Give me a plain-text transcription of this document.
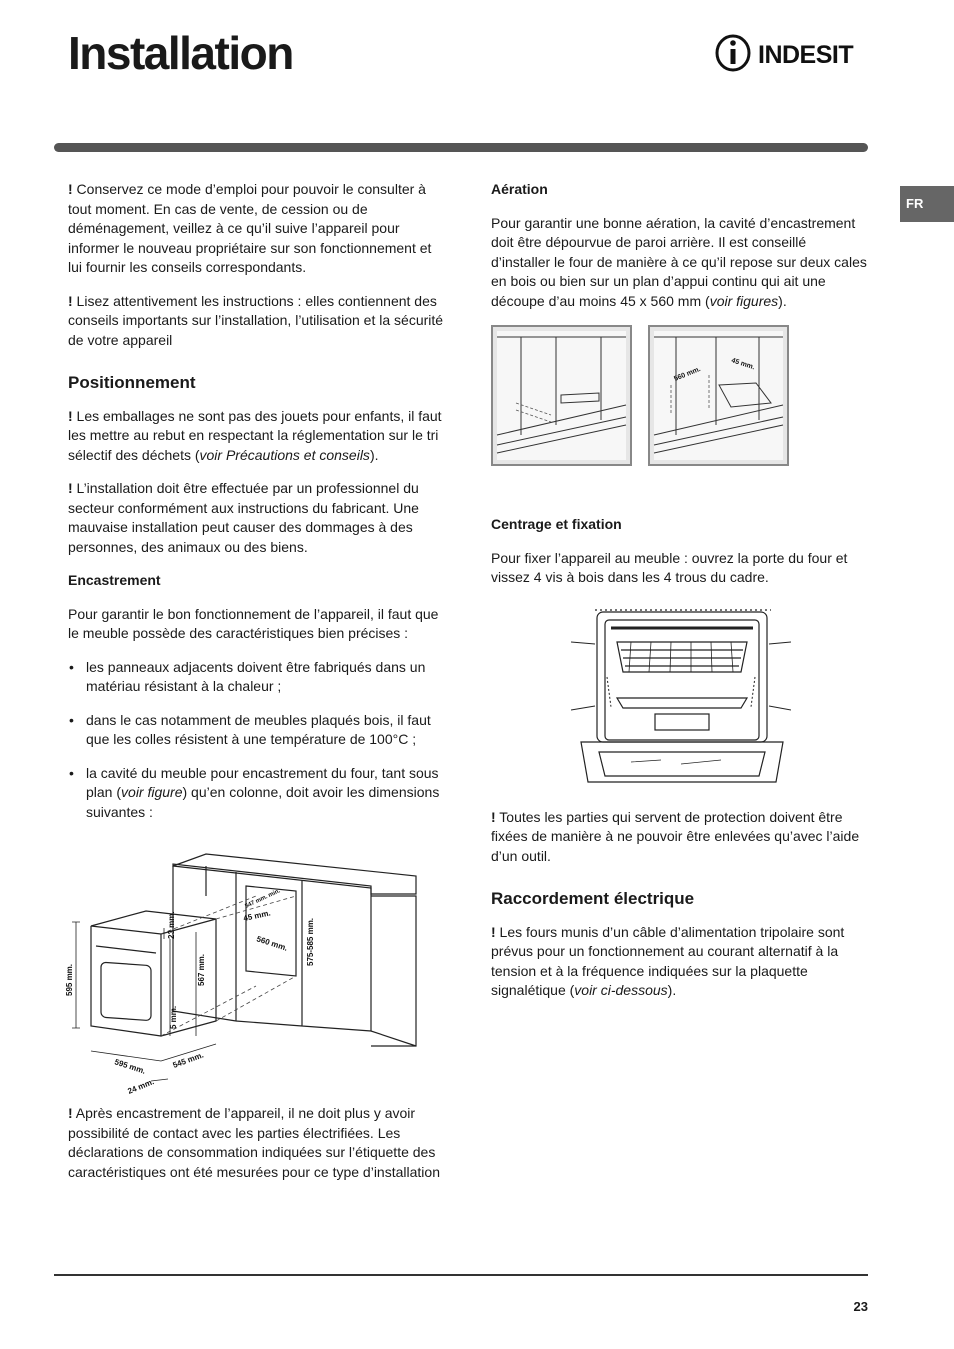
Installation	INDESIT
FR

! Conservez ce mode d’emploi pour pouvoir le consulter à tout moment. En cas de vente, de cession ou de déménagement, veillez à ce qu’il suive l’appareil pour informer le nouveau propriétaire sur son fonctionnement et lui fournir les conseils correspondants.

! Lisez attentivement les instructions : elles contiennent des conseils importants sur l’installation, l’utilisation et la sécurité de votre appareil

Positionnement

! Les emballages ne sont pas des jouets pour enfants, il faut les mettre au rebut en respectant la réglementation sur le tri sélectif des déchets (voir Précautions et conseils).

! L’installation doit être effectuée par un professionnel du secteur conformément aux instructions du fabricant. Une mauvaise installation peut causer des dommages à des personnes, des animaux ou des biens.

Encastrement

Pour garantir le bon fonctionnement de l’appareil, il faut que le meuble possède des caractéristiques bien précises :

• les panneaux adjacents doivent être fabriqués dans un matériau résistant à la chaleur ;
• dans le cas notamment de meubles plaqués bois, il faut que les colles résistent à une température de 100°C ;
• la cavité du meuble pour encastrement du four, tant sous plan (voir figure) qu’en colonne, doit avoir les dimensions suivantes :
595 mm.
23 mm.
567 mm.
5 mm.
595 mm.	545 mm.
24 mm.
547 mm. min.
45 mm.
560 mm. 575-585 mm.

! Après encastrement de l’appareil, il ne doit plus y avoir possibilité de contact avec les parties électrifiées. Les déclarations de consommation indiquées sur l’étiquette des caractéristiques ont été mesurées pour ce type d’installation

Aération

Pour garantir une bonne aération, la cavité d’encastrement doit être dépourvue de paroi arrière. Il est conseillé d’installer le four de manière à ce qu’il repose sur deux cales en bois ou bien sur un plan d’appui continu qui ait une découpe d’au moins 45 x 560 mm (voir figures).

560 mm.
45 mm.
Centrage et fixation

Pour fixer l’appareil au meuble : ouvrez la porte du four et vissez 4 vis à bois dans les 4 trous du cadre.

! Toutes les parties qui servent de protection doivent être fixées de manière à ne pouvoir être enlevées qu’avec l’aide d’un outil.

Raccordement électrique

! Les fours munis d’un câble d’alimentation tripolaire sont prévus pour un fonctionnement au courant alternatif à la tension et à la fréquence indiquées sur la plaquette signalétique (voir ci-dessous).

23
